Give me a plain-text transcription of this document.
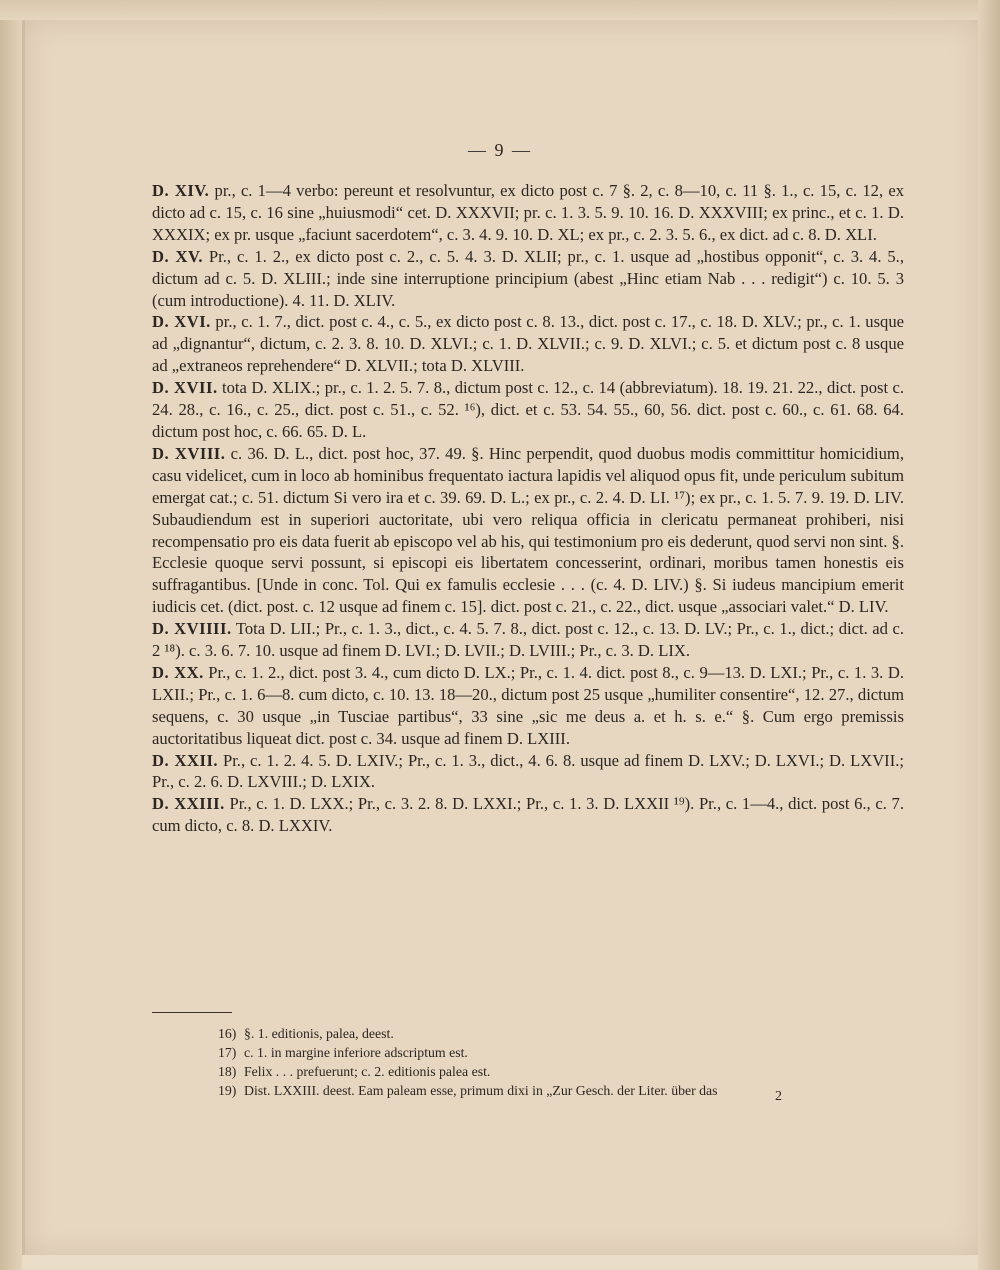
— 9 —

D. XIV. pr., c. 1—4 verbo: pereunt et resolvuntur, ex dicto post c. 7 §. 2, c. 8—10, c. 11 §. 1., c. 15, c. 12, ex dicto ad c. 15, c. 16 sine „huiusmodi“ cet. D. XXXVII; pr. c. 1. 3. 5. 9. 10. 16. D. XXXVIII; ex princ., et c. 1. D. XXXIX; ex pr. usque „faciunt sacerdotem“, c. 3. 4. 9. 10. D. XL; ex pr., c. 2. 3. 5. 6., ex dict. ad c. 8. D. XLI.

D. XV. Pr., c. 1. 2., ex dicto post c. 2., c. 5. 4. 3. D. XLII; pr., c. 1. usque ad „hostibus opponit“, c. 3. 4. 5., dictum ad c. 5. D. XLIII.; inde sine interruptione principium (abest „Hinc etiam Nab . . . redigit“) c. 10. 5. 3 (cum introductione). 4. 11. D. XLIV.

D. XVI. pr., c. 1. 7., dict. post c. 4., c. 5., ex dicto post c. 8. 13., dict. post c. 17., c. 18. D. XLV.; pr., c. 1. usque ad „dignantur“, dictum, c. 2. 3. 8. 10. D. XLVI.; c. 1. D. XLVII.; c. 9. D. XLVI.; c. 5. et dictum post c. 8 usque ad „extraneos reprehendere“ D. XLVII.; tota D. XLVIII.

D. XVII. tota D. XLIX.; pr., c. 1. 2. 5. 7. 8., dictum post c. 12., c. 14 (abbreviatum). 18. 19. 21. 22., dict. post c. 24. 28., c. 16., c. 25., dict. post c. 51., c. 52. ¹⁶), dict. et c. 53. 54. 55., 60, 56. dict. post c. 60., c. 61. 68. 64. dictum post hoc, c. 66. 65. D. L.

D. XVIII. c. 36. D. L., dict. post hoc, 37. 49. §. Hinc perpendit, quod duobus modis committitur homicidium, casu videlicet, cum in loco ab hominibus frequentato iactura lapidis vel aliquod opus fit, unde periculum subitum emergat cat.; c. 51. dictum Si vero ira et c. 39. 69. D. L.; ex pr., c. 2. 4. D. LI. ¹⁷); ex pr., c. 1. 5. 7. 9. 19. D. LIV. Subaudiendum est in superiori auctoritate, ubi vero reliqua officia in clericatu permaneat prohiberi, nisi recompensatio pro eis data fuerit ab episcopo vel ab his, qui testimonium pro eis dederunt, quod servi non sint. §. Ecclesie quoque servi possunt, si episcopi eis libertatem concesserint, ordinari, moribus tamen honestis eis suffragantibus. [Unde in conc. Tol. Qui ex famulis ecclesie . . . (c. 4. D. LIV.) §. Si iudeus mancipium emerit iudicis cet. (dict. post. c. 12 usque ad finem c. 15]. dict. post c. 21., c. 22., dict. usque „associari valet.“ D. LIV.

D. XVIIII. Tota D. LII.; Pr., c. 1. 3., dict., c. 4. 5. 7. 8., dict. post c. 12., c. 13. D. LV.; Pr., c. 1., dict.; dict. ad c. 2 ¹⁸). c. 3. 6. 7. 10. usque ad finem D. LVI.; D. LVII.; D. LVIII.; Pr., c. 3. D. LIX.

D. XX. Pr., c. 1. 2., dict. post 3. 4., cum dicto D. LX.; Pr., c. 1. 4. dict. post 8., c. 9—13. D. LXI.; Pr., c. 1. 3. D. LXII.; Pr., c. 1. 6—8. cum dicto, c. 10. 13. 18—20., dictum post 25 usque „humiliter consentire“, 12. 27., dictum sequens, c. 30 usque „in Tusciae partibus“, 33 sine „sic me deus a. et h. s. e.“ §. Cum ergo premissis auctoritatibus liqueat dict. post c. 34. usque ad finem D. LXIII.

D. XXII. Pr., c. 1. 2. 4. 5. D. LXIV.; Pr., c. 1. 3., dict., 4. 6. 8. usque ad finem D. LXV.; D. LXVI.; D. LXVII.; Pr., c. 2. 6. D. LXVIII.; D. LXIX.

D. XXIII. Pr., c. 1. D. LXX.; Pr., c. 3. 2. 8. D. LXXI.; Pr., c. 1. 3. D. LXXII ¹⁹). Pr., c. 1—4., dict. post 6., c. 7. cum dicto, c. 8. D. LXXIV.

16) §. 1. editionis, palea, deest.
17) c. 1. in margine inferiore adscriptum est.
18) Felix . . . prefuerunt; c. 2. editionis palea est.
19) Dist. LXXIII. deest. Eam paleam esse, primum dixi in „Zur Gesch. der Liter. über das	2
